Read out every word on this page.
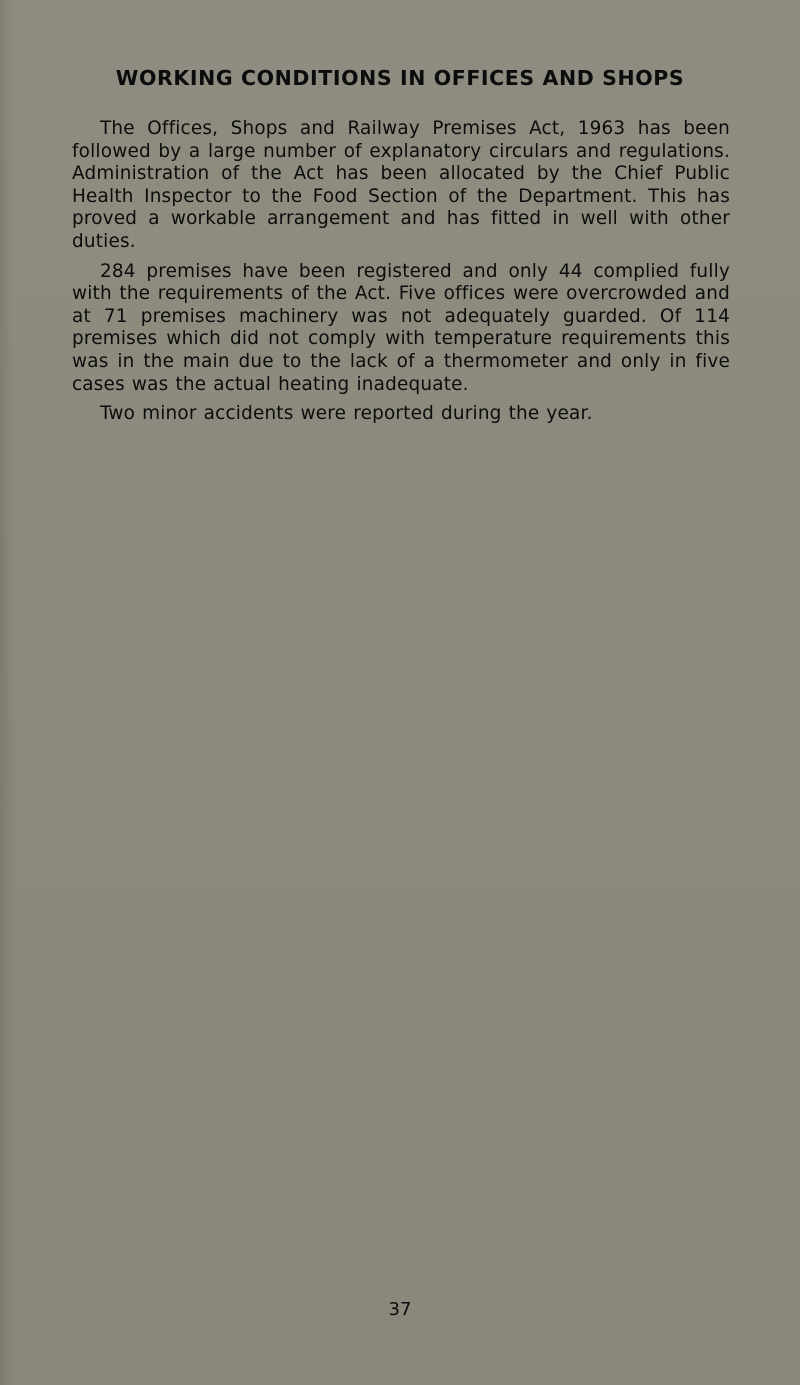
WORKING CONDITIONS IN OFFICES AND SHOPS

The Offices, Shops and Railway Premises Act, 1963 has been followed by a large number of explanatory circulars and regulations. Administration of the Act has been allocated by the Chief Public Health Inspector to the Food Section of the Department. This has proved a workable arrangement and has fitted in well with other duties.

284 premises have been registered and only 44 complied fully with the requirements of the Act. Five offices were overcrowded and at 71 premises machinery was not adequately guarded. Of 114 premises which did not comply with temperature requirements this was in the main due to the lack of a thermometer and only in five cases was the actual heating inadequate.

Two minor accidents were reported during the year.

37
